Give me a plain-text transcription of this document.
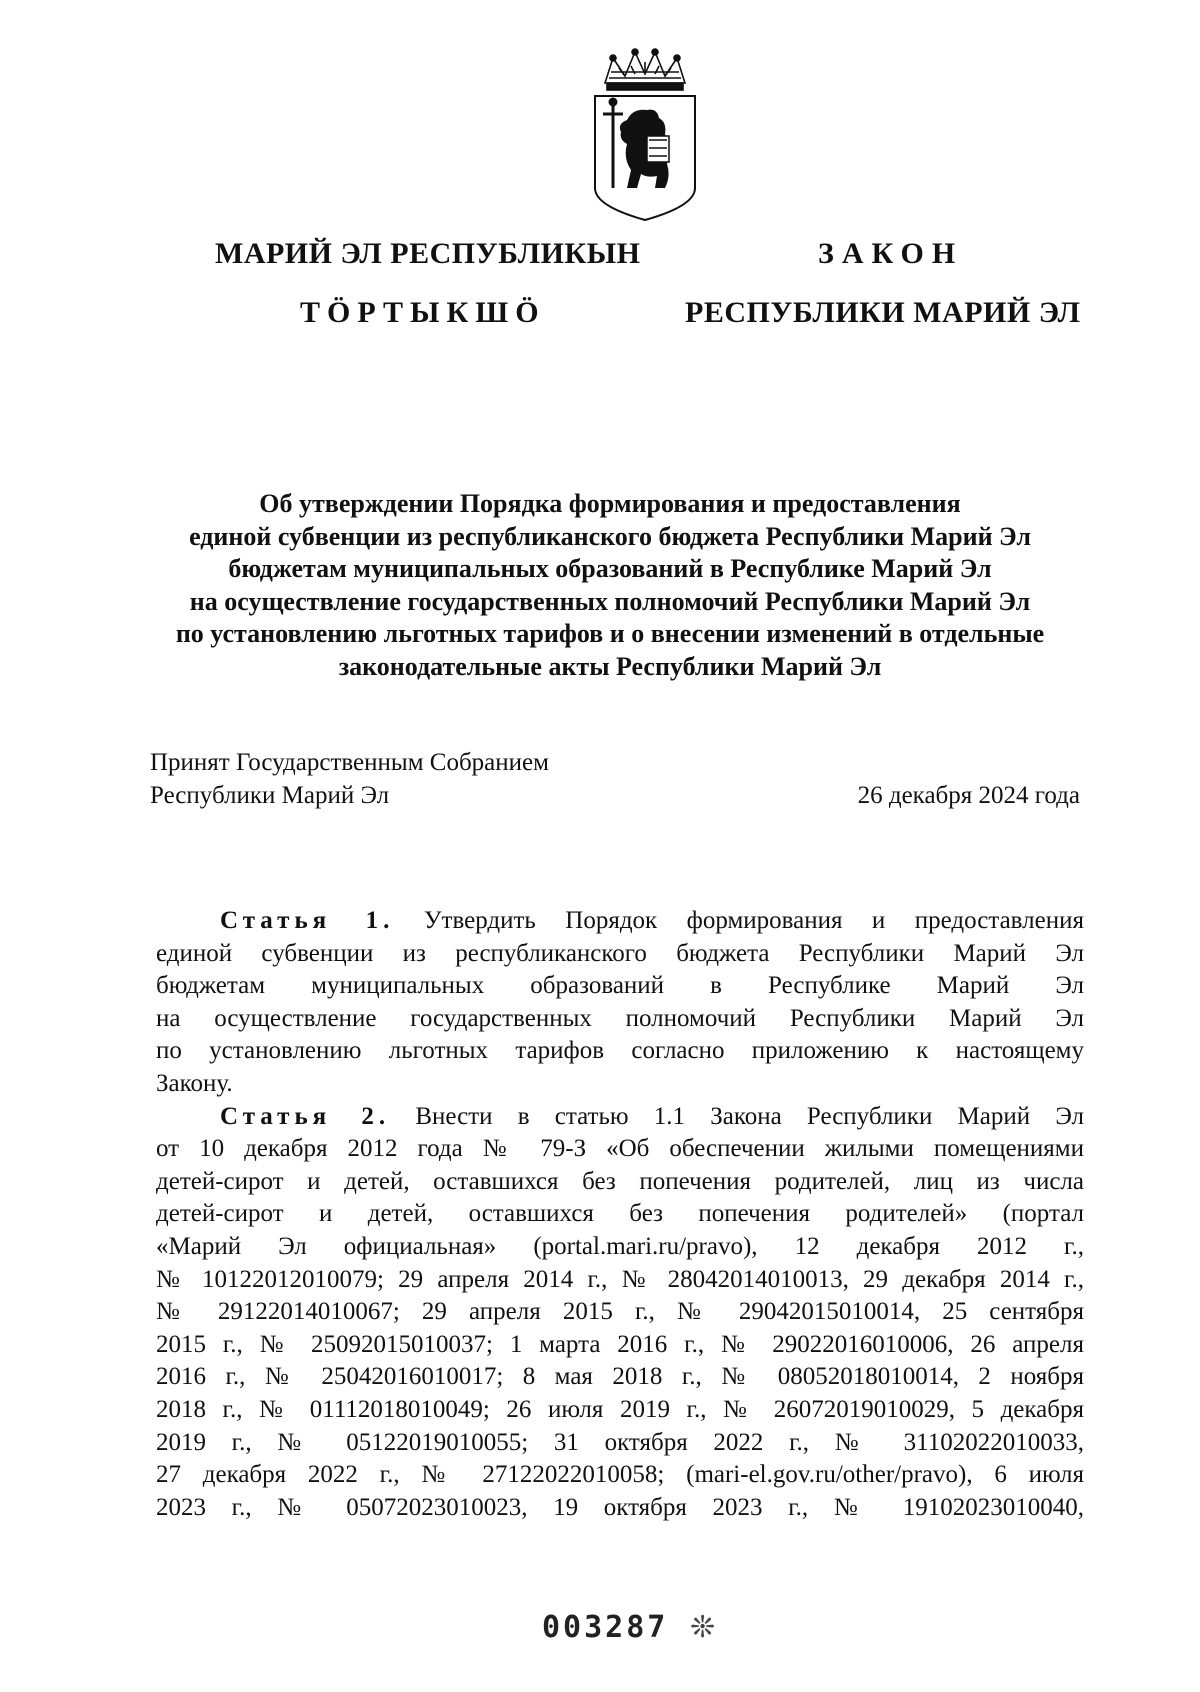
МАРИЙ ЭЛ РЕСПУБЛИКЫН
ТӦРТЫКШӦ
ЗАКОН
РЕСПУБЛИКИ МАРИЙ ЭЛ
Об утверждении Порядка формирования и предоставления
единой субвенции из республиканского бюджета Республики Марий Эл
бюджетам муниципальных образований в Республике Марий Эл
на осуществление государственных полномочий Республики Марий Эл
по установлению льготных тарифов и о внесении изменений в отдельные
законодательные акты Республики Марий Эл
Принят Государственным Собранием
Республики Марий Эл	26 декабря 2024 года
Статья 1. Утвердить Порядок формирования и предоставления
единой субвенции из республиканского бюджета Республики Марий Эл
бюджетам муниципальных образований в Республике Марий Эл
на осуществление государственных полномочий Республики Марий Эл
по установлению льготных тарифов согласно приложению к настоящему
Закону.
Статья 2. Внести в статью 1.1 Закона Республики Марий Эл
от 10 декабря 2012 года № 79-З «Об обеспечении жилыми помещениями
детей-сирот и детей, оставшихся без попечения родителей, лиц из числа
детей-сирот и детей, оставшихся без попечения родителей» (портал
«Марий Эл официальная» (portal.mari.ru/pravo), 12 декабря 2012 г.,
№ 10122012010079; 29 апреля 2014 г., № 28042014010013, 29 декабря 2014 г.,
№ 29122014010067; 29 апреля 2015 г., № 29042015010014, 25 сентября
2015 г., № 25092015010037; 1 марта 2016 г., № 29022016010006, 26 апреля
2016 г., № 25042016010017; 8 мая 2018 г., № 08052018010014, 2 ноября
2018 г., № 01112018010049; 26 июля 2019 г., № 26072019010029, 5 декабря
2019 г., № 05122019010055; 31 октября 2022 г., № 31102022010033,
27 декабря 2022 г., № 27122022010058; (mari-el.gov.ru/other/pravo), 6 июля
2023 г., № 05072023010023, 19 октября 2023 г., № 19102023010040,
003287 ❊
